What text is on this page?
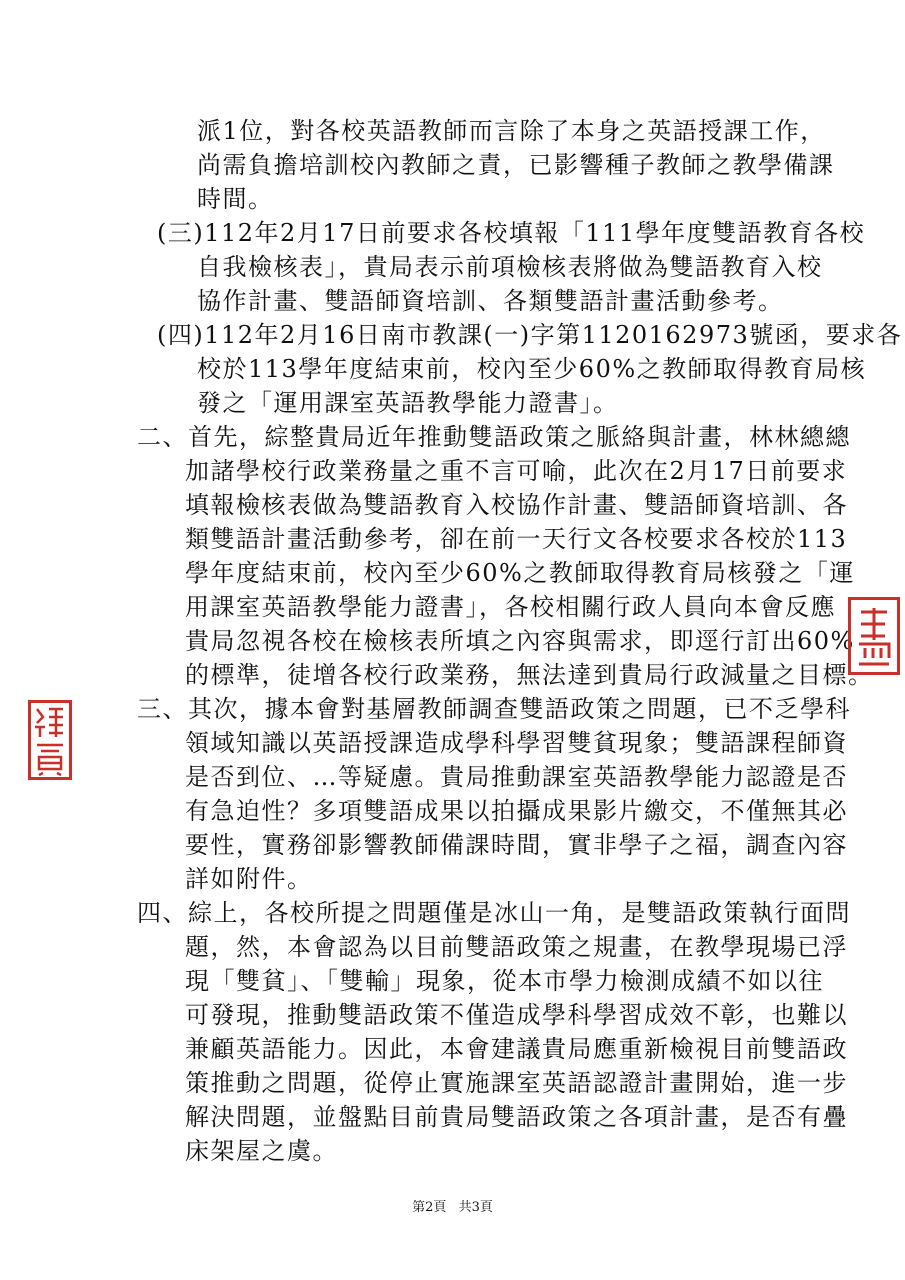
派1位，對各校英語教師而言除了本身之英語授課工作，
尚需負擔培訓校內教師之責，已影響種子教師之教學備課
時間。
(三)112年2月17日前要求各校填報「111學年度雙語教育各校
自我檢核表」，貴局表示前項檢核表將做為雙語教育入校
協作計畫、雙語師資培訓、各類雙語計畫活動參考。
(四)112年2月16日南市教課(一)字第1120162973號函，要求各
校於113學年度結束前，校內至少60%之教師取得教育局核
發之「運用課室英語教學能力證書」。
二、首先，綜整貴局近年推動雙語政策之脈絡與計畫，林林總總
加諸學校行政業務量之重不言可喻，此次在2月17日前要求
填報檢核表做為雙語教育入校協作計畫、雙語師資培訓、各
類雙語計畫活動參考，卻在前一天行文各校要求各校於113
學年度結束前，校內至少60%之教師取得教育局核發之「運
用課室英語教學能力證書」，各校相關行政人員向本會反應
貴局忽視各校在檢核表所填之內容與需求，即逕行訂出60%
的標準，徒增各校行政業務，無法達到貴局行政減量之目標。
三、其次，據本會對基層教師調查雙語政策之問題，已不乏學科
領域知識以英語授課造成學科學習雙貧現象；雙語課程師資
是否到位、…等疑慮。貴局推動課室英語教學能力認證是否
有急迫性？多項雙語成果以拍攝成果影片繳交，不僅無其必
要性，實務卻影響教師備課時間，實非學子之福，調查內容
詳如附件。
四、綜上，各校所提之問題僅是冰山一角，是雙語政策執行面問
題，然，本會認為以目前雙語政策之規畫，在教學現場已浮
現「雙貧」、「雙輸」現象，從本市學力檢測成績不如以往
可發現，推動雙語政策不僅造成學科學習成效不彰，也難以
兼顧英語能力。因此，本會建議貴局應重新檢視目前雙語政
策推動之問題，從停止實施課室英語認證計畫開始，進一步
解決問題，並盤點目前貴局雙語政策之各項計畫，是否有疊
床架屋之虞。
第2頁 共3頁
